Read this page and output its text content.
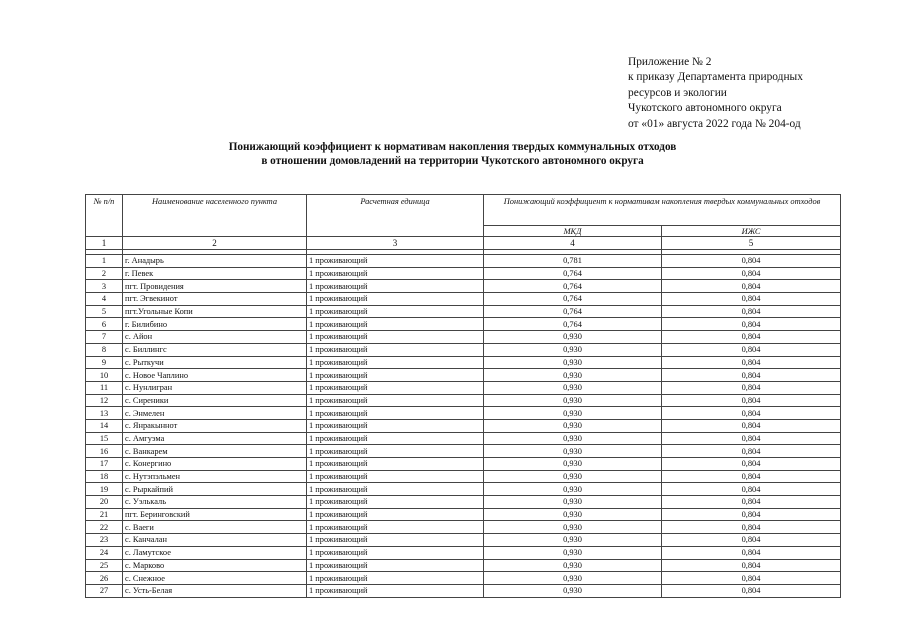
Приложение № 2
к приказу Департамента природных
ресурсов и экологии
Чукотского автономного округа
от «01» августа 2022 года № 204-од
Понижающий коэффициент к нормативам накопления твердых коммунальных отходов
в отношении домовладений на территории Чукотского автономного округа
№ п/п	Наименование населенного пункта	Расчетная единица	Понижающий коэффициент к нормативам накопления твердых коммунальных отходов	
			МКД	ИЖС
1	2	3	4	5

1	г. Анадырь	1 проживающий	0,781	0,804
2	г. Певек	1 проживающий	0,764	0,804
3	пгт. Провидения	1 проживающий	0,764	0,804
4	пгт. Эгвекинот	1 проживающий	0,764	0,804
5	пгт.Угольные Копи	1 проживающий	0,764	0,804
6	г. Билибино	1 проживающий	0,764	0,804
7	с. Айон	1 проживающий	0,930	0,804
8	с. Биллингс	1 проживающий	0,930	0,804
9	с. Рыткучи	1 проживающий	0,930	0,804
10	с. Новое Чаплино	1 проживающий	0,930	0,804
11	с. Нунлигран	1 проживающий	0,930	0,804
12	с. Сиреники	1 проживающий	0,930	0,804
13	с. Энмелен	1 проживающий	0,930	0,804
14	с. Янракыннот	1 проживающий	0,930	0,804
15	с. Амгуэма	1 проживающий	0,930	0,804
16	с. Ванкарем	1 проживающий	0,930	0,804
17	с. Конергино	1 проживающий	0,930	0,804
18	с. Нутэпэльмен	1 проживающий	0,930	0,804
19	с. Рыркайпий	1 проживающий	0,930	0,804
20	с. Уэлькаль	1 проживающий	0,930	0,804
21	пгт. Беринговский	1 проживающий	0,930	0,804
22	с. Ваеги	1 проживающий	0,930	0,804
23	с. Канчалан	1 проживающий	0,930	0,804
24	с. Ламутское	1 проживающий	0,930	0,804
25	с. Марково	1 проживающий	0,930	0,804
26	с. Снежное	1 проживающий	0,930	0,804
27	с. Усть-Белая	1 проживающий	0,930	0,804
